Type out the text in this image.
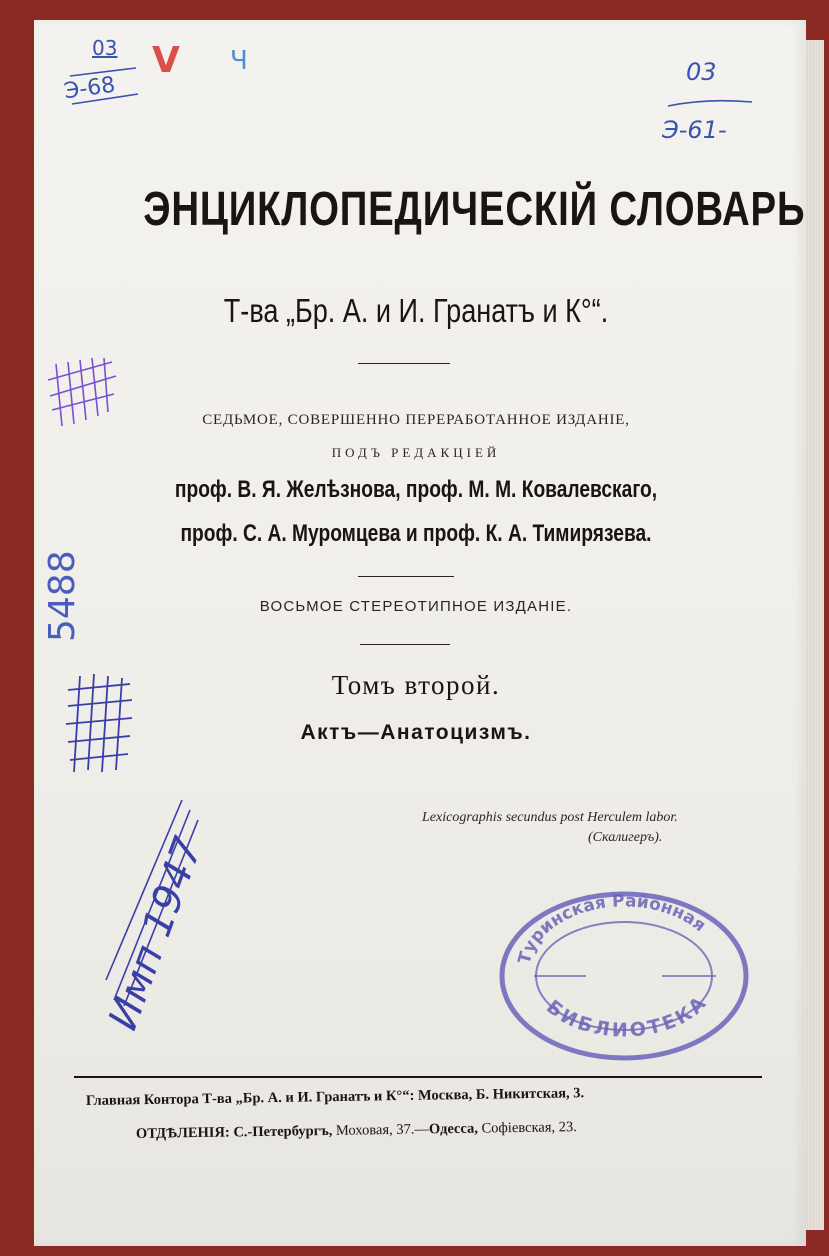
03
Э-68
V Ч	03
Э-61-
ЭНЦИКЛОПЕДИЧЕСКІЙ СЛОВАРЬ
Т-ва „Бр. А. и И. Гранатъ и К°“.
СЕДЬМОЕ, СОВЕРШЕННО ПЕРЕРАБОТАННОЕ ИЗДАНІЕ,
ПОДЪ РЕДАКЦІЕЙ
проф. В. Я. Желѣзнова, проф. М. М. Ковалевскаго,
проф. С. А. Муромцева и проф. К. А. Тимирязева.
ВОСЬМОЕ СТЕРЕОТИПНОЕ ИЗДАНІЕ.
Томъ второй.
Актъ—Анатоцизмъ.
Lexicographis secundus post Herculem labor.
(Скалигеръ).
5488
Имп 1947	Туринская Районная
БИБЛИОТЕКА
Главная Контора Т-ва „Бр. А. и И. Гранатъ и К°“: Москва, Б. Никитская, 3.
ОТДѢЛЕНІЯ: С.-Петербургъ, Моховая, 37.—Одесса, Софіевская, 23.
